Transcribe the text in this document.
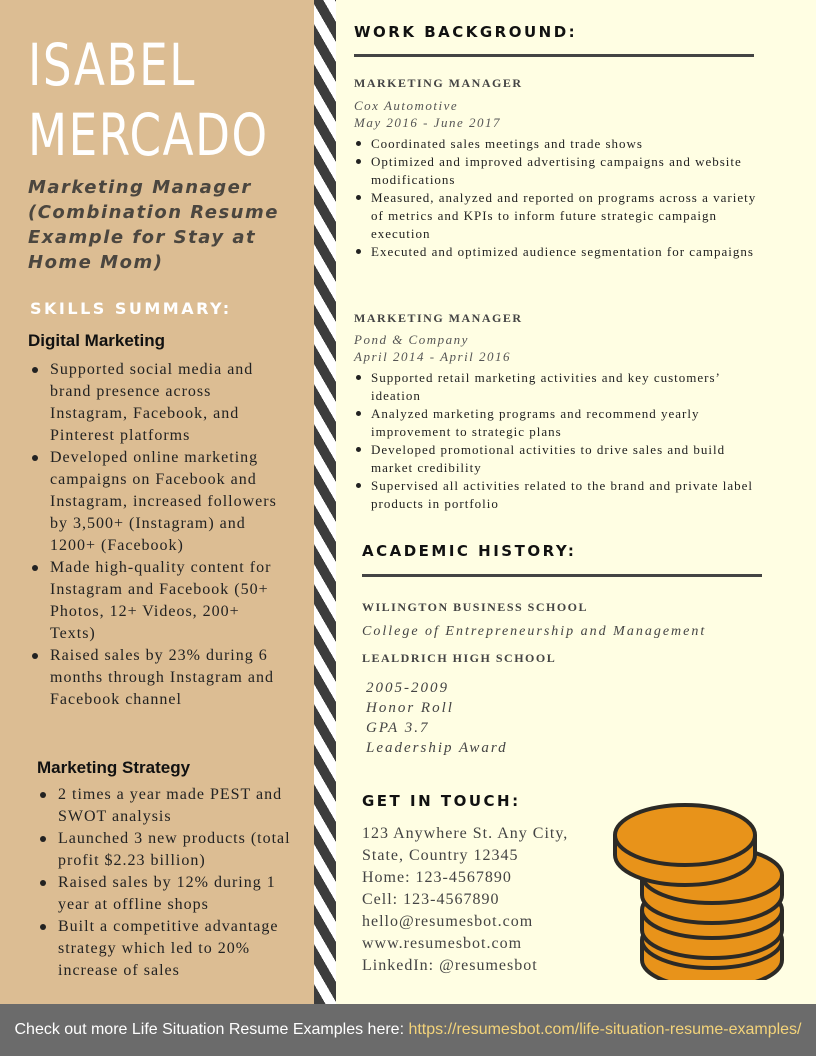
ISABEL
MERCADO
Marketing Manager (Combination Resume Example for Stay at Home Mom)
SKILLS SUMMARY:
Digital Marketing
Supported social media and brand presence across Instagram, Facebook, and Pinterest platforms
Developed online marketing campaigns on Facebook and Instagram, increased followers by 3,500+ (Instagram) and 1200+ (Facebook)
Made high-quality content for Instagram and Facebook (50+ Photos, 12+ Videos, 200+ Texts)
Raised sales by 23% during 6 months through Instagram and Facebook channel
Marketing Strategy
2 times a year made PEST and SWOT analysis
Launched 3 new products (total profit $2.23 billion)
Raised sales by 12% during 1 year at offline shops
Built a competitive advantage strategy which led to 20% increase of sales
WORK BACKGROUND:
MARKETING MANAGER
Cox Automotive
May 2016 - June 2017
Coordinated sales meetings and trade shows
Optimized and improved advertising campaigns and website modifications
Measured, analyzed and reported on programs across a variety of metrics and KPIs to inform future strategic campaign execution
Executed and optimized audience segmentation for campaigns
MARKETING MANAGER
Pond & Company
April 2014 - April 2016
Supported retail marketing activities and key customers’ ideation
Analyzed marketing programs and recommend yearly improvement to strategic plans
Developed promotional activities to drive sales and build market credibility
Supervised all activities related to the brand and private label products in portfolio
ACADEMIC HISTORY:
WILINGTON BUSINESS SCHOOL
College of Entrepreneurship and Management
LEALDRICH HIGH SCHOOL
2005-2009
Honor Roll
GPA 3.7
Leadership Award
GET IN TOUCH:
123 Anywhere St. Any City,
State, Country 12345
Home: 123-4567890
Cell: 123-4567890
hello@resumesbot.com
www.resumesbot.com
LinkedIn: @resumesbot
Check out more Life Situation Resume Examples here: https://resumesbot.com/life-situation-resume-examples/
